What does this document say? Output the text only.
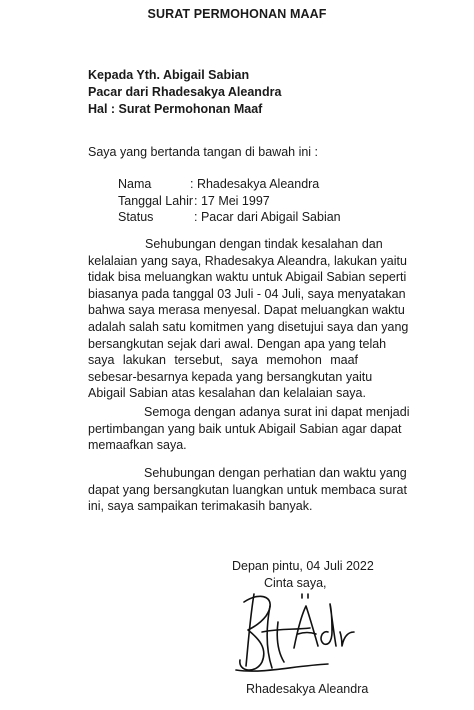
SURAT PERMOHONAN MAAF
Kepada Yth. Abigail Sabian
Pacar dari Rhadesakya Aleandra
Hal : Surat Permohonan Maaf
Saya yang bertanda tangan di bawah ini :
Nama	: Rhadesakya Aleandra
Tanggal Lahir : 17 Mei 1997
Status	: Pacar dari Abigail Sabian
Sehubungan dengan tindak kesalahan dan
kelalaian yang saya, Rhadesakya Aleandra, lakukan yaitu
tidak bisa meluangkan waktu untuk Abigail Sabian seperti
biasanya pada tanggal 03 Juli - 04 Juli, saya menyatakan
bahwa saya merasa menyesal. Dapat meluangkan waktu
adalah salah satu komitmen yang disetujui saya dan yang
bersangkutan sejak dari awal. Dengan apa yang telah
saya lakukan tersebut, saya memohon maaf
sebesar-besarnya kepada yang bersangkutan yaitu
Abigail Sabian atas kesalahan dan kelalaian saya.
Semoga dengan adanya surat ini dapat menjadi
pertimbangan yang baik untuk Abigail Sabian agar dapat
memaafkan saya.
Sehubungan dengan perhatian dan waktu yang
dapat yang bersangkutan luangkan untuk membaca surat
ini, saya sampaikan terimakasih banyak.
Depan pintu, 04 Juli 2022
Cinta saya,
Rhadesakya Aleandra
